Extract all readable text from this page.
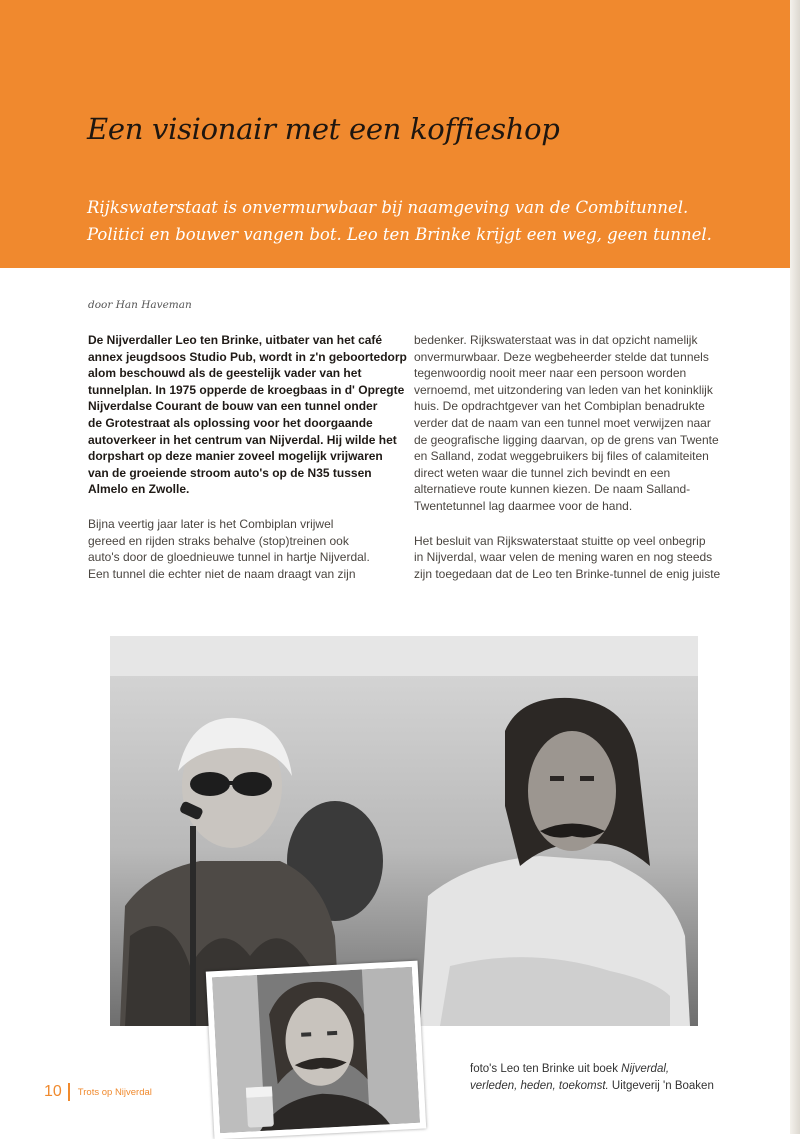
Een visionair met een koffieshop

Rijkswaterstaat is onvermurwbaar bij naamgeving van de Combitunnel.
Politici en bouwer vangen bot. Leo ten Brinke krijgt een weg, geen tunnel.

door Han Haveman

De Nijverdaller Leo ten Brinke, uitbater van het café
annex jeugdsoos Studio Pub, wordt in z'n geboortedorp
alom beschouwd als de geestelijk vader van het
tunnelplan. In 1975 opperde de kroegbaas in d' Opregte
Nijverdalse Courant de bouw van een tunnel onder
de Grotestraat als oplossing voor het doorgaande
autoverkeer in het centrum van Nijverdal. Hij wilde het
dorpshart op deze manier zoveel mogelijk vrijwaren
van de groeiende stroom auto's op de N35 tussen
Almelo en Zwolle.

Bijna veertig jaar later is het Combiplan vrijwel
gereed en rijden straks behalve (stop)treinen ook
auto's door de gloednieuwe tunnel in hartje Nijverdal.
Een tunnel die echter niet de naam draagt van zijn

bedenker. Rijkswaterstaat was in dat opzicht namelijk
onvermurwbaar. Deze wegbeheerder stelde dat tunnels
tegenwoordig nooit meer naar een persoon worden
vernoemd, met uitzondering van leden van het koninklijk
huis. De opdrachtgever van het Combiplan benadrukte
verder dat de naam van een tunnel moet verwijzen naar
de geografische ligging daarvan, op de grens van Twente
en Salland, zodat weggebruikers bij files of calamiteiten
direct weten waar die tunnel zich bevindt en een
alternatieve route kunnen kiezen. De naam Salland-
Twentetunnel lag daarmee voor de hand.

Het besluit van Rijkswaterstaat stuitte op veel onbegrip
in Nijverdal, waar velen de mening waren en nog steeds
zijn toegedaan dat de Leo ten Brinke-tunnel de enig juiste

foto's Leo ten Brinke uit boek Nijverdal,
verleden, heden, toekomst. Uitgeverij 'n Boaken

10 Trots op Nijverdal
